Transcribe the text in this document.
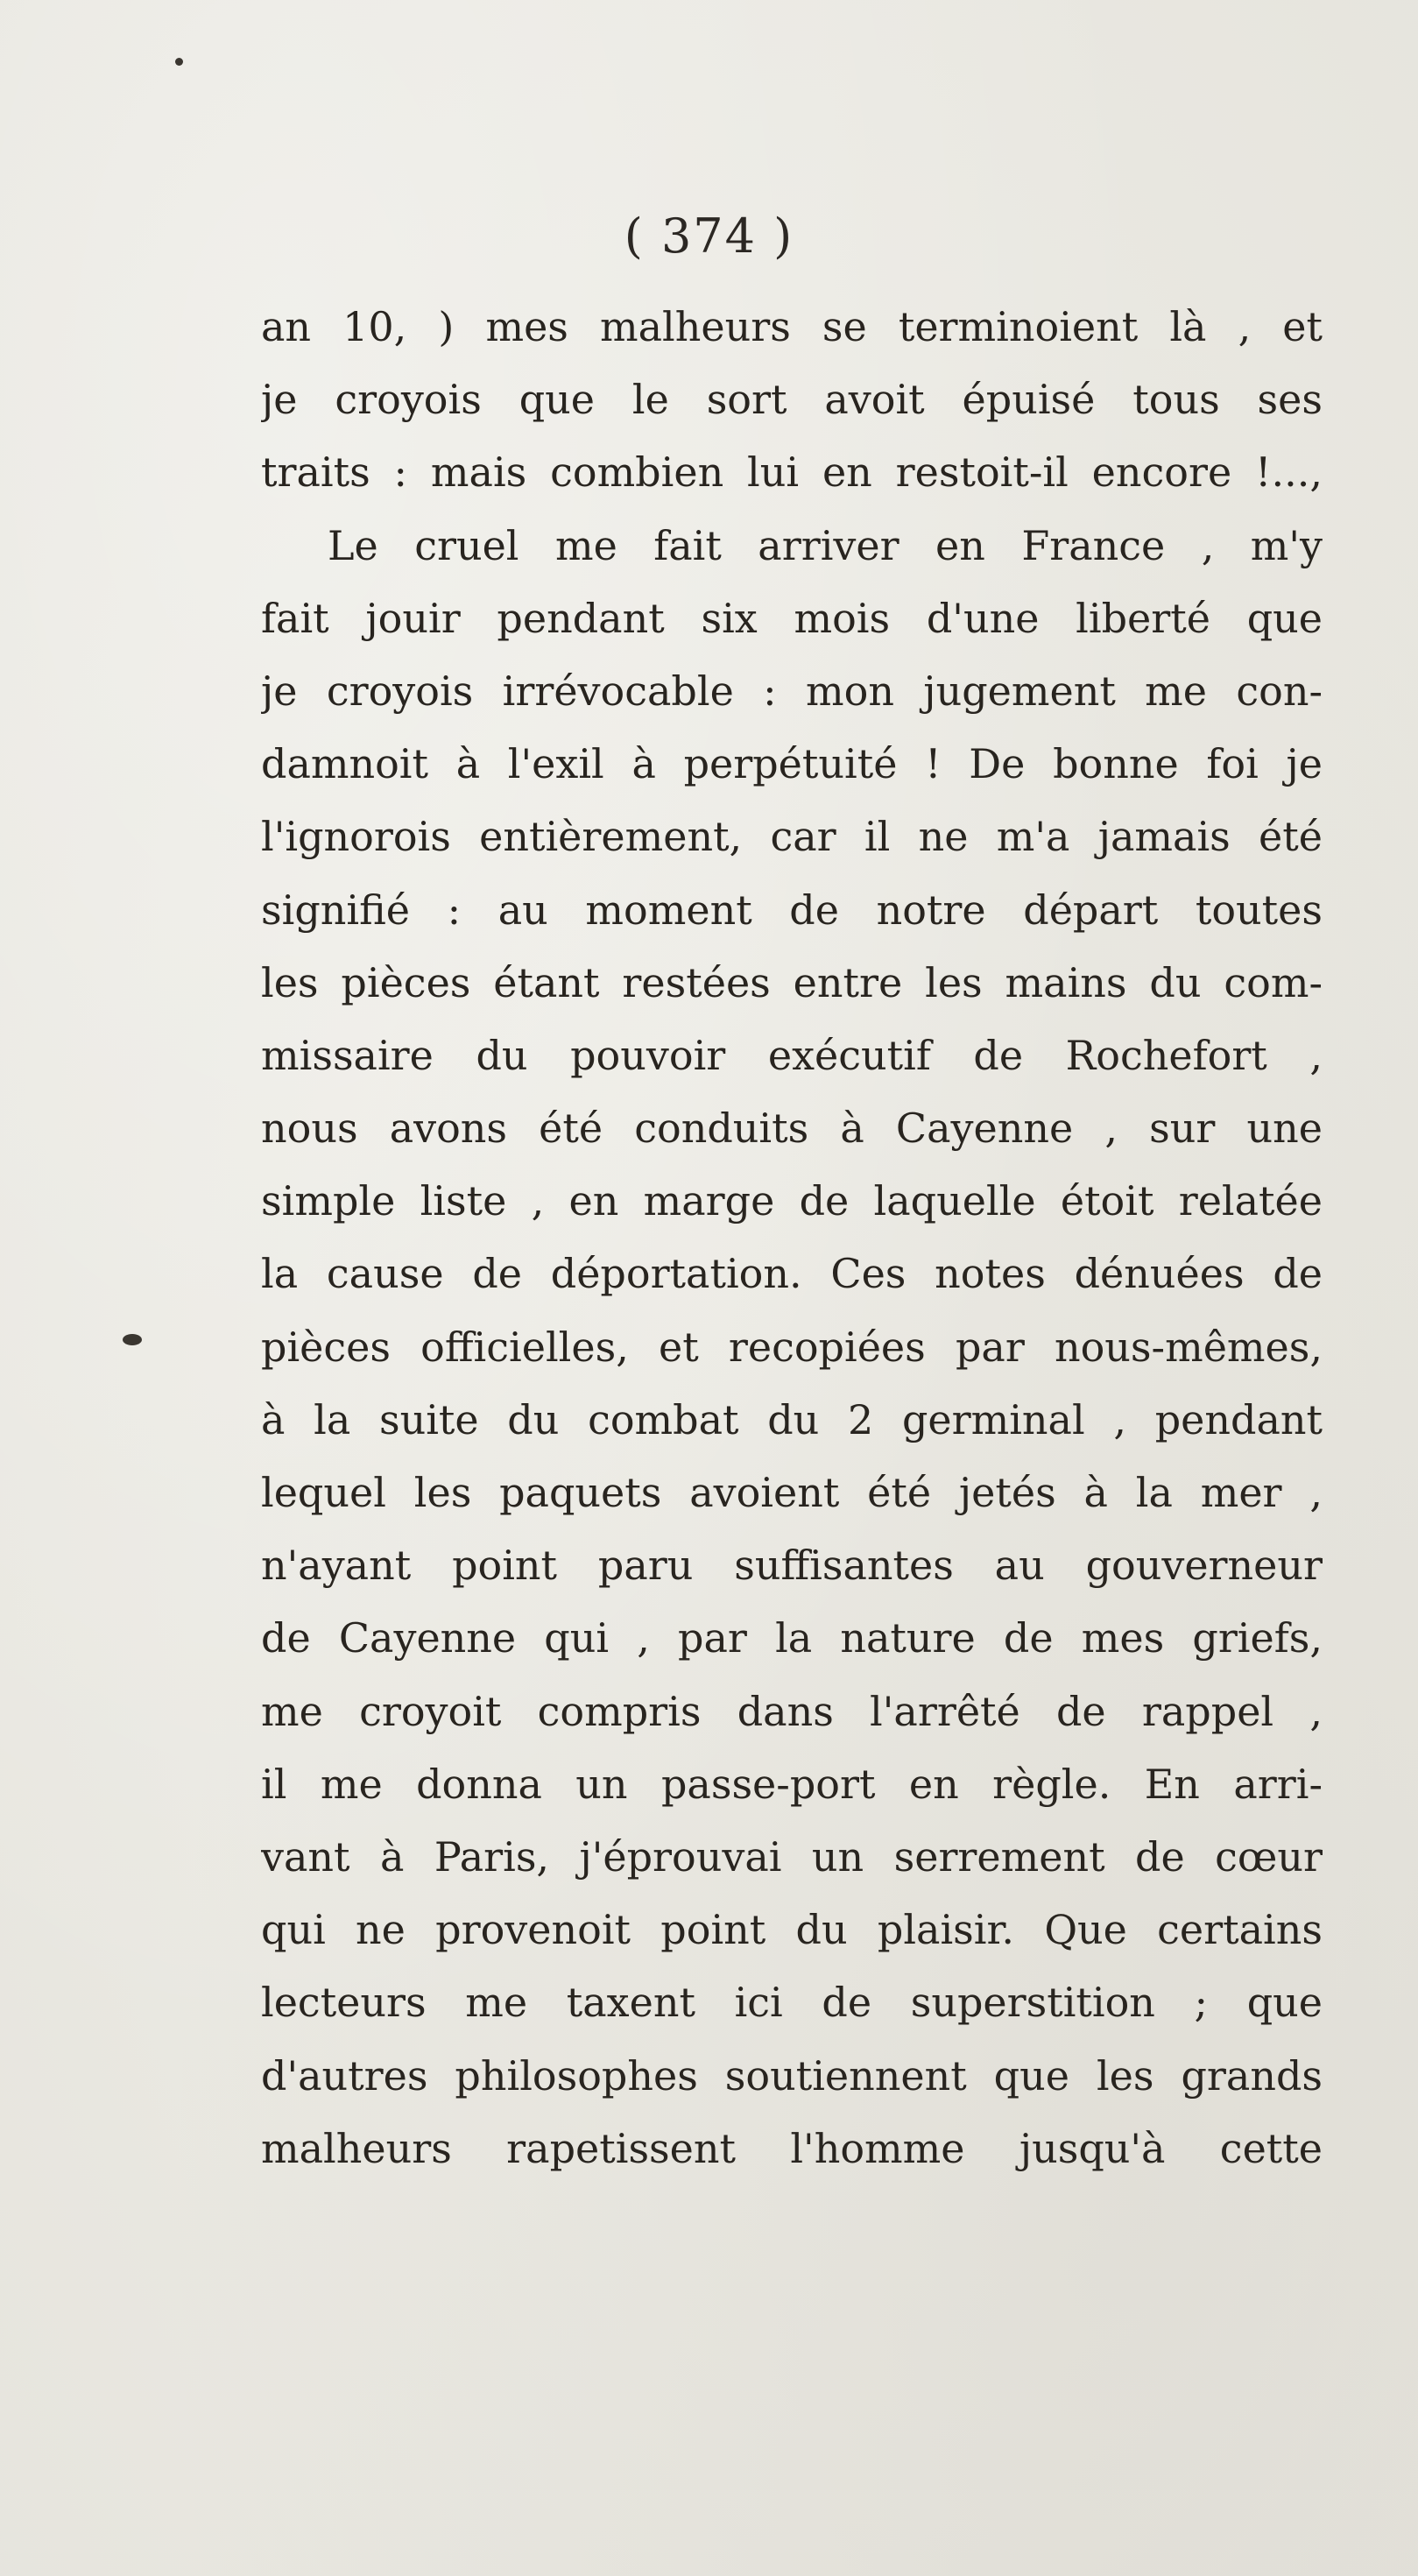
( 374 )
an 10, ) mes malheurs se terminoient là , et
je croyois que le sort avoit épuisé tous ses
traits : mais combien lui en restoit-il encore !...,
Le cruel me fait arriver en France , m'y
fait jouir pendant six mois d'une liberté que
je croyois irrévocable : mon jugement me con-
damnoit à l'exil à perpétuité ! De bonne foi je
l'ignorois entièrement, car il ne m'a jamais été
signifié : au moment de notre départ toutes
les pièces étant restées entre les mains du com-
missaire du pouvoir exécutif de Rochefort ,
nous avons été conduits à Cayenne , sur une
simple liste , en marge de laquelle étoit relatée
la cause de déportation. Ces notes dénuées de
pièces officielles, et recopiées par nous-mêmes,
à la suite du combat du 2 germinal , pendant
lequel les paquets avoient été jetés à la mer ,
n'ayant point paru suffisantes au gouverneur
de Cayenne qui , par la nature de mes griefs,
me croyoit compris dans l'arrêté de rappel ,
il me donna un passe-port en règle. En arri-
vant à Paris, j'éprouvai un serrement de cœur
qui ne provenoit point du plaisir. Que certains
lecteurs me taxent ici de superstition ; que
d'autres philosophes soutiennent que les grands
malheurs rapetissent l'homme jusqu'à cette
